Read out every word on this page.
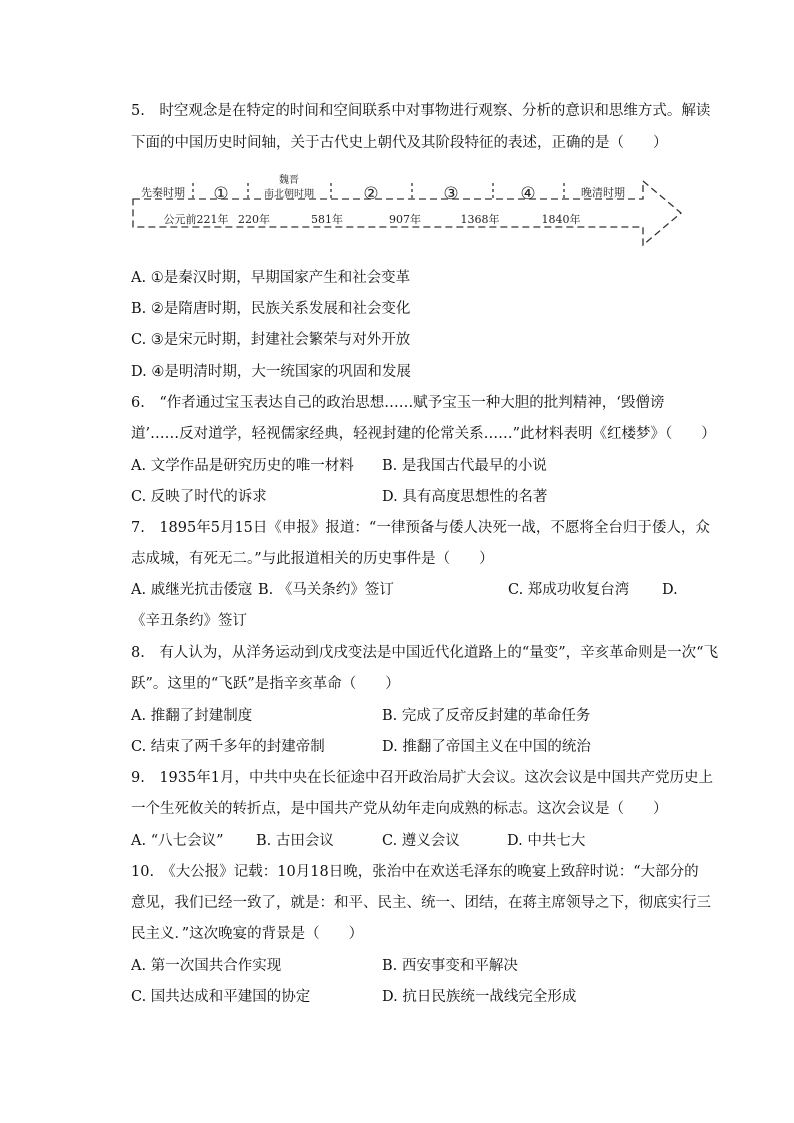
5.　时空观念是在特定的时间和空间联系中对事物进行观察、分析的意识和思维方式。解读
下面的中国历史时间轴，关于古代史上朝代及其阶段特征的表述，正确的是（　　）
先秦时期 ①
魏晋
南北朝时期	②	③	④	晚清时期
公元前221年 220年	581年	907年	1368年	1840年
A. ①是秦汉时期，早期国家产生和社会变革
B. ②是隋唐时期，民族关系发展和社会变化
C. ③是宋元时期，封建社会繁荣与对外开放
D. ④是明清时期，大一统国家的巩固和发展
6.　“作者通过宝玉表达自己的政治思想……赋予宝玉一种大胆的批判精神，‘毁僧谤
道’……反对道学，轻视儒家经典，轻视封建的伦常关系……”此材料表明《红楼梦》（　　）
A. 文学作品是研究历史的唯一材料 B. 是我国古代最早的小说
C. 反映了时代的诉求	D. 具有高度思想性的名著
7.　1895年5月15日《申报》报道：“一律预备与倭人决死一战，不愿将全台归于倭人，众
志成城，有死无二。”与此报道相关的历史事件是（　　）
A. 戚继光抗击倭寇 B. 《马关条约》签订	C. 郑成功收复台湾 D.
《辛丑条约》签订
8.　有人认为，从洋务运动到戊戌变法是中国近代化道路上的“量变”，辛亥革命则是一次“飞
跃”。这里的“飞跃”是指辛亥革命（　　）
A. 推翻了封建制度	B. 完成了反帝反封建的革命任务
C. 结束了两千多年的封建帝制	D. 推翻了帝国主义在中国的统治
9.　1935年1月，中共中央在长征途中召开政治局扩大会议。这次会议是中国共产党历史上
一个生死攸关的转折点，是中国共产党从幼年走向成熟的标志。这次会议是（　　）
A. “八七会议” B. 古田会议	C. 遵义会议	D. 中共七大
10.　《大公报》记载：10月18日晚，张治中在欢送毛泽东的晚宴上致辞时说：“大部分的
意见，我们已经一致了，就是：和平、民主、统一、团结，在蒋主席领导之下，彻底实行三
民主义．”这次晚宴的背景是（　　）
A. 第一次国共合作实现	B. 西安事变和平解决
C. 国共达成和平建国的协定	D. 抗日民族统一战线完全形成
